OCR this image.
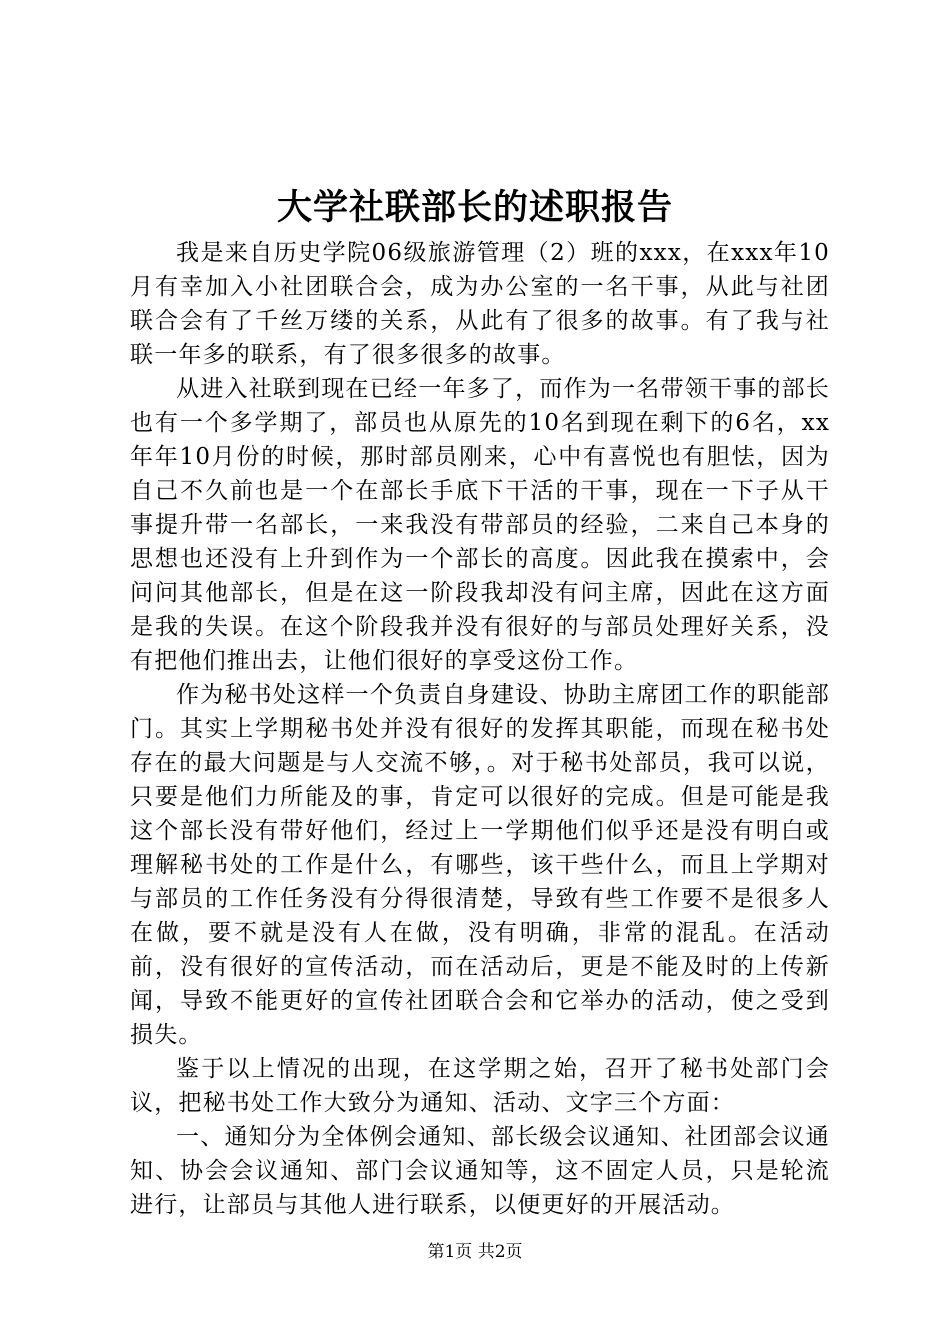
大学社联部长的述职报告

我是来自历史学院06级旅游管理（2）班的xxx，在xxx年10月有幸加入小社团联合会，成为办公室的一名干事，从此与社团联合会有了千丝万缕的关系，从此有了很多的故事。有了我与社联一年多的联系，有了很多很多的故事。

从进入社联到现在已经一年多了，而作为一名带领干事的部长也有一个多学期了，部员也从原先的10名到现在剩下的6名，xx年年10月份的时候，那时部员刚来，心中有喜悦也有胆怯，因为自己不久前也是一个在部长手底下干活的干事，现在一下子从干事提升带一名部长，一来我没有带部员的经验，二来自己本身的思想也还没有上升到作为一个部长的高度。因此我在摸索中，会问问其他部长，但是在这一阶段我却没有问主席，因此在这方面是我的失误。在这个阶段我并没有很好的与部员处理好关系，没有把他们推出去，让他们很好的享受这份工作。

作为秘书处这样一个负责自身建设、协助主席团工作的职能部门。其实上学期秘书处并没有很好的发挥其职能，而现在秘书处存在的最大问题是与人交流不够，。对于秘书处部员，我可以说，只要是他们力所能及的事，肯定可以很好的完成。但是可能是我这个部长没有带好他们，经过上一学期他们似乎还是没有明白或理解秘书处的工作是什么，有哪些，该干些什么，而且上学期对与部员的工作任务没有分得很清楚，导致有些工作要不是很多人在做，要不就是没有人在做，没有明确，非常的混乱。在活动前，没有很好的宣传活动，而在活动后，更是不能及时的上传新闻，导致不能更好的宣传社团联合会和它举办的活动，使之受到损失。

鉴于以上情况的出现，在这学期之始，召开了秘书处部门会议，把秘书处工作大致分为通知、活动、文字三个方面：

一、通知分为全体例会通知、部长级会议通知、社团部会议通知、协会会议通知、部门会议通知等，这不固定人员，只是轮流进行，让部员与其他人进行联系，以便更好的开展活动。

第1页 共2页
